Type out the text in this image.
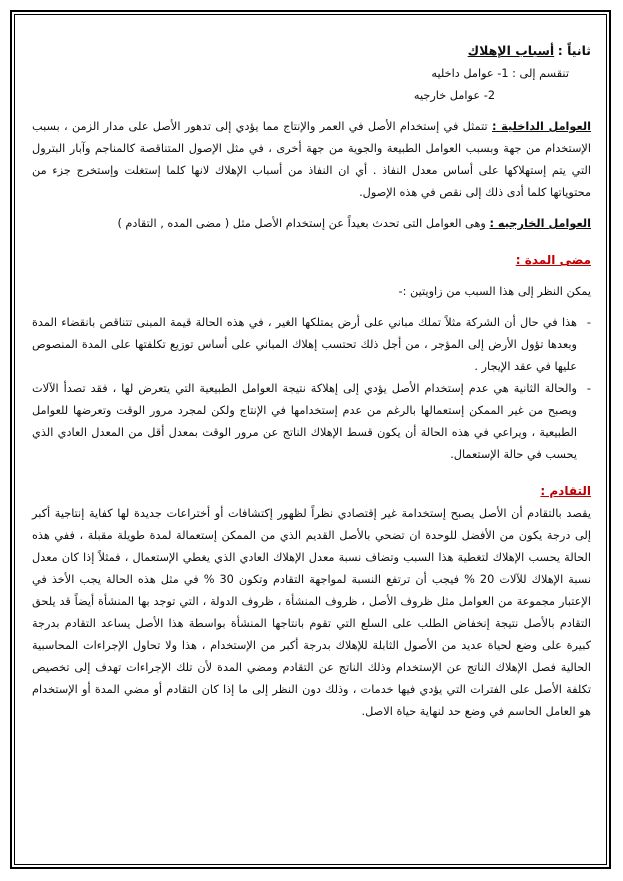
ثانياً : أسباب الإهلاك

تنقسم إلى : 1- عوامل داخليه

2- عوامل خارجيه

العوامل الداخلية : تتمثل في إستخدام الأصل في العمر والإنتاج مما يؤدي إلى تدهور الأصل على مدار الزمن ، بسبب الإستخدام من جهة وبسبب العوامل الطبيعة والجوية من جهة أخرى ، في مثل الإصول المتناقصة كالمناجم وآبار البترول التي يتم إستهلاكها على أساس معدل النفاذ . أي ان النفاذ من أسباب الإهلاك لانها كلما إستغلت وإستخرج جزء من محتوياتها كلما أدى ذلك إلى نقص في هذه الإصول.

العوامل الخارجيه : وهى العوامل التى تحدث بعيداً عن إستخدام الأصل مثل ( مضى المده , التقادم )

مضى المدة :

يمكن النظر إلى هذا السبب من زاويتين :-

-
هذا في حال أن الشركة مثلاً تملك مباني على أرض يمتلكها الغير ، في هذه الحالة قيمة المبنى تتناقص بانقضاء المدة وبعدها تؤول الأرض إلى المؤجر ، من أجل ذلك تحتسب إهلاك المباني على أساس توزيع تكلفتها على المدة المنصوص عليها في عقد الإيجار .
-
والحالة الثانية هي عدم إستخدام الأصل يؤدي إلى إهلاكة نتيجة العوامل الطبيعية التي يتعرض لها ، فقد تصدأ الآلات ويصبح من غير الممكن إستعمالها بالرغم من عدم إستخدامها في الإنتاج ولكن لمجرد مرور الوقت وتعرضها للعوامل الطبيعية ، ويراعي في هذه الحالة أن يكون قسط الإهلاك الناتج عن مرور الوقت بمعدل أقل من المعدل العادي الذي يحسب في حالة الإستعمال.

التقادم :

يقصد بالتقادم أن الأصل يصبح إستخدامة غير إقتصادي نظراً لظهور إكتشافات أو أختراعات جديدة لها كفاية إنتاجية أكبر إلى درجة يكون من الأفضل للوحدة ان تضحي بالأصل القديم الذي من الممكن إستعمالة لمدة طويلة مقبلة ، ففي هذه الحالة يحسب الإهلاك لتغطية هذا السبب وتضاف نسبة معدل الإهلاك العادي الذي يغطي الإستعمال ، فمثلاً إذا كان معدل نسبة الإهلاك للآلات 20 % فيجب أن ترتفع النسبة لمواجهة التقادم وتكون 30 % في مثل هذه الحالة يجب الأخذ في الإعتبار مجموعة من العوامل مثل ظروف الأصل ، ظروف المنشأة ، ظروف الدولة ، التي توجد بها المنشأة أيضاً قد يلحق التقادم بالأصل نتيجة إنخفاض الطلب على السلع التي تقوم بانتاجها المنشأة بواسطة هذا الأصل يساعد التقادم بدرجة كبيرة على وضع لحياة عديد من الأصول الثابلة للإهلاك بدرجة أكبر من الإستخدام ، هذا ولا تحاول الإجراءات المحاسبية الحالية فصل الإهلاك الناتج عن الإستخدام وذلك الناتج عن التقادم ومضي المدة لأن تلك الإجراءات تهدف إلى تخصيص تكلفة الأصل على الفترات التي يؤدي فيها خدمات ، وذلك دون النظر إلى ما إذا كان التقادم أو مضي المدة أو الإستخدام هو العامل الحاسم في وضع حد لنهاية حياة الاصل.
